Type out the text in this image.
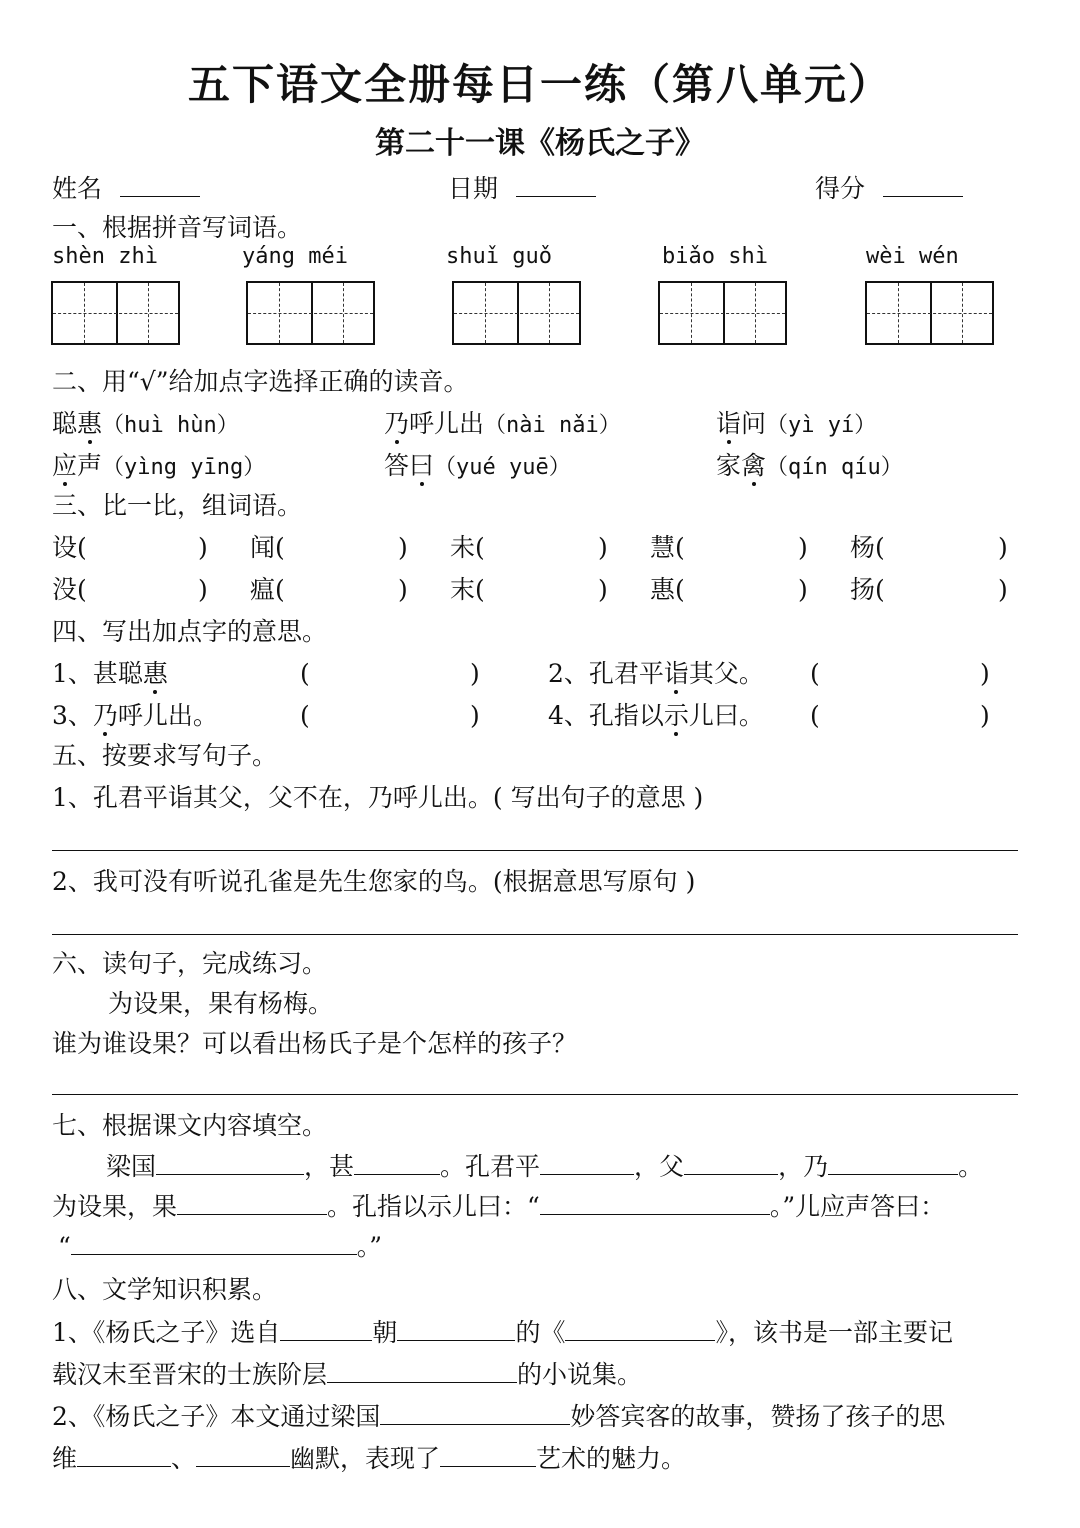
五下语文全册每日一练（第八单元）
第二十一课《杨氏之子》
姓名	日期	得分
一、根据拼音写词语。
shèn zhì	yáng méi	shuǐ guǒ	biǎo shì	wèi wén
二、用“√”给加点字选择正确的读音。
聪惠（huì hùn）	乃呼儿出（nài nǎi）	诣问（yì yí）
应声（yìng yīng）	答曰（yué yuē）	家禽（qín qíu）
三、比一比，组词语。
设(	) 闻(	) 未(	) 慧(	) 杨(	)
没(	) 瘟(	) 末(	) 惠(	) 扬(	)
四、写出加点字的意思。
1、甚聪惠	(	)	2、孔君平诣其父。 (	)
3、乃呼儿出。	(	)	4、孔指以示儿曰。 (	)
五、按要求写句子。
1、孔君平诣其父，父不在，乃呼儿出。( 写出句子的意思 )
2、我可没有听说孔雀是先生您家的鸟。(根据意思写原句 )
六、读句子，完成练习。
为设果，果有杨梅。
谁为谁设果？可以看出杨氏子是个怎样的孩子？
七、根据课文内容填空。
梁国	，甚	。孔君平	，父	，乃	。
为设果，果	。孔指以示儿曰：“	。”儿应声答曰：
“	。”
八、文学知识积累。
1、《杨氏之子》选自	朝	的《	》，该书是一部主要记
载汉末至晋宋的士族阶层	的小说集。
2、《杨氏之子》本文通过梁国	妙答宾客的故事，赞扬了孩子的思
维	、	幽默，表现了	艺术的魅力。
